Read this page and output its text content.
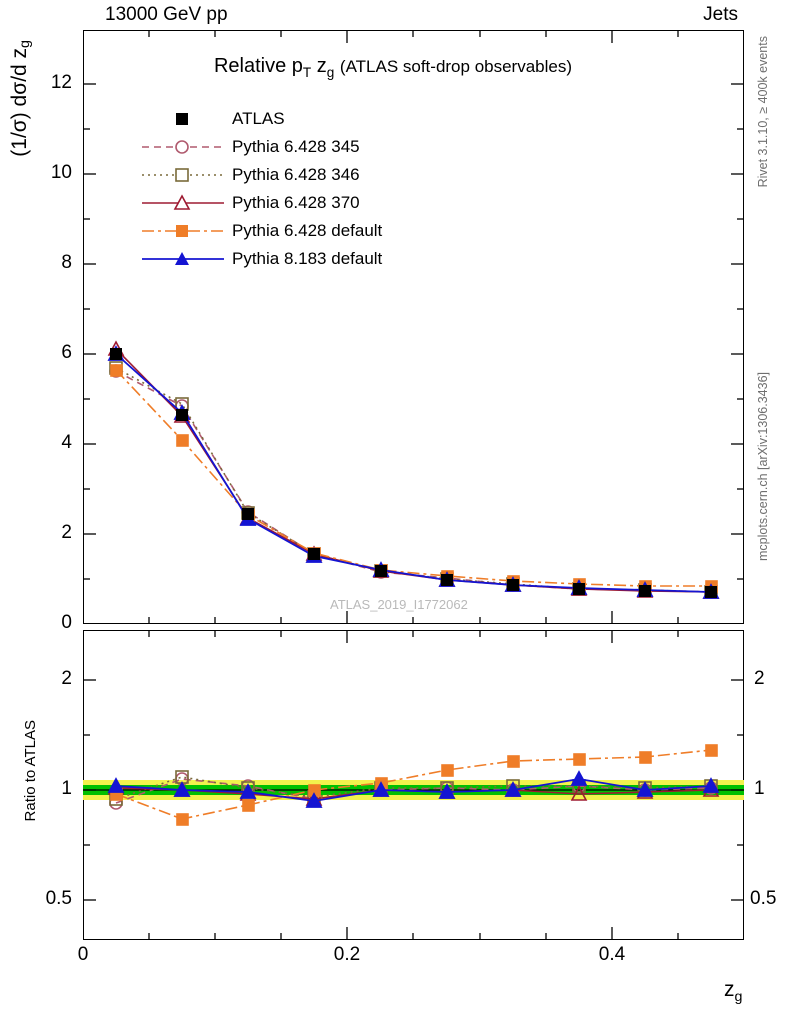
13000 GeV pp	Jets
Rivet 3.1.10, ≥ 400k events
mcplots.cern.ch [arXiv:1306.3436]
(1/σ) dσ/d $z_g$
Relative $p_T$ $z_g$ (ATLAS soft-drop observables)
ATLAS_2019_I1772062
0
2
4
6
8
10
12
ATLAS
Pythia 6.428 345
Pythia 6.428 346
Pythia 6.428 370
Pythia 6.428 default
Pythia 8.183 default
Ratio to ATLAS
2
1
0.5
2
1
0.5
0	0.2	0.4
$z_g$
